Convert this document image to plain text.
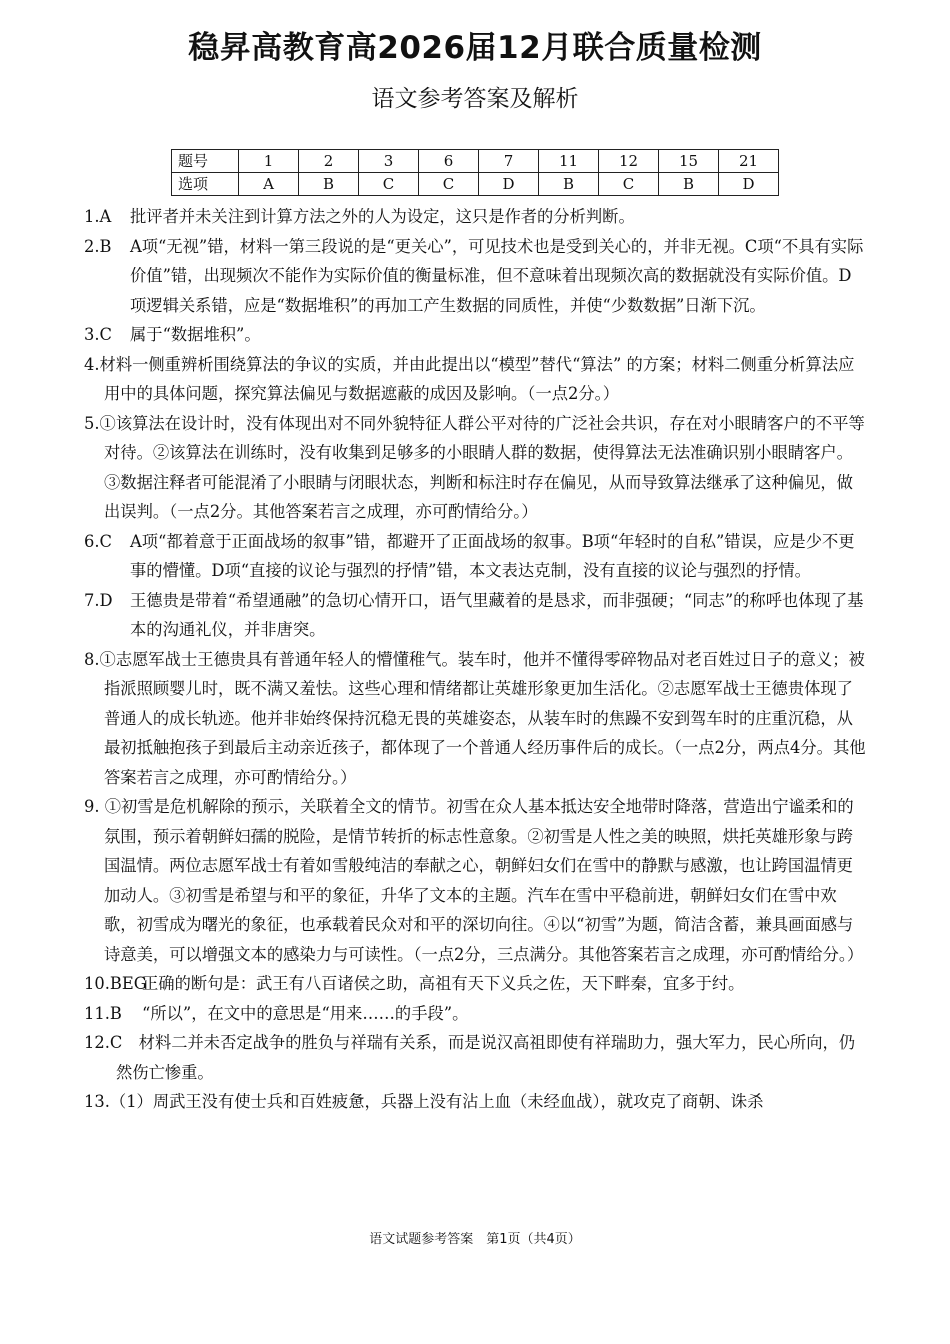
稳昇高教育高2026届12月联合质量检测
语文参考答案及解析
题号	1	2	3	6	7	11	12	15	21
选项	A	B	C	C	D	B	C	B	D

1.A 批评者并未关注到计算方法之外的人为设定，这只是作者的分析判断。

2.B A项“无视”错，材料一第三段说的是“更关心”，可见技术也是受到关心的，并非无视。C项“不具有实际价值”错，出现频次不能作为实际价值的衡量标准，但不意味着出现频次高的数据就没有实际价值。D项逻辑关系错，应是“数据堆积”的再加工产生数据的同质性，并使“少数数据”日渐下沉。

3.C 属于“数据堆积”。

4.材料一侧重辨析围绕算法的争议的实质，并由此提出以“模型”替代“算法” 的方案；材料二侧重分析算法应用中的具体问题，探究算法偏见与数据遮蔽的成因及影响。（一点2分。）

5.①该算法在设计时，没有体现出对不同外貌特征人群公平对待的广泛社会共识，存在对小眼睛客户的不平等对待。②该算法在训练时，没有收集到足够多的小眼睛人群的数据，使得算法无法准确识别小眼睛客户。③数据注释者可能混淆了小眼睛与闭眼状态，判断和标注时存在偏见，从而导致算法继承了这种偏见，做出误判。（一点2分。其他答案若言之成理，亦可酌情给分。）

6.C A项“都着意于正面战场的叙事”错，都避开了正面战场的叙事。B项“年轻时的自私”错误，应是少不更事的懵懂。D项“直接的议论与强烈的抒情”错，本文表达克制，没有直接的议论与强烈的抒情。

7.D 王德贵是带着“希望通融”的急切心情开口，语气里藏着的是恳求，而非强硬；“同志”的称呼也体现了基本的沟通礼仪，并非唐突。

8.①志愿军战士王德贵具有普通年轻人的懵懂稚气。装车时，他并不懂得零碎物品对老百姓过日子的意义；被指派照顾婴儿时，既不满又羞怯。这些心理和情绪都让英雄形象更加生活化。②志愿军战士王德贵体现了普通人的成长轨迹。他并非始终保持沉稳无畏的英雄姿态，从装车时的焦躁不安到驾车时的庄重沉稳，从最初抵触抱孩子到最后主动亲近孩子，都体现了一个普通人经历事件后的成长。（一点2分，两点4分。其他答案若言之成理，亦可酌情给分。）

9. ①初雪是危机解除的预示，关联着全文的情节。初雪在众人基本抵达安全地带时降落，营造出宁谧柔和的氛围，预示着朝鲜妇孺的脱险，是情节转折的标志性意象。②初雪是人性之美的映照，烘托英雄形象与跨国温情。两位志愿军战士有着如雪般纯洁的奉献之心，朝鲜妇女们在雪中的静默与感激，也让跨国温情更加动人。③初雪是希望与和平的象征，升华了文本的主题。汽车在雪中平稳前进，朝鲜妇女们在雪中欢歌，初雪成为曙光的象征，也承载着民众对和平的深切向往。④以“初雪”为题，简洁含蓄，兼具画面感与诗意美，可以增强文本的感染力与可读性。（一点2分，三点满分。其他答案若言之成理，亦可酌情给分。）

10.BEG
正确的断句是：武王有八百诸侯之助，高祖有天下义兵之佐，天下畔秦，宜多于纣。

11.B “所以”，在文中的意思是“用来……的手段”。

12.C　 材料二并未否定战争的胜负与祥瑞有关系，而是说汉高祖即使有祥瑞助力，强大军力，民心所向，仍然伤亡惨重。

13.（1）周武王没有使士兵和百姓疲惫，兵器上没有沾上血（未经血战），就攻克了商朝、诛杀

语文试题参考答案　第1页（共4页）
